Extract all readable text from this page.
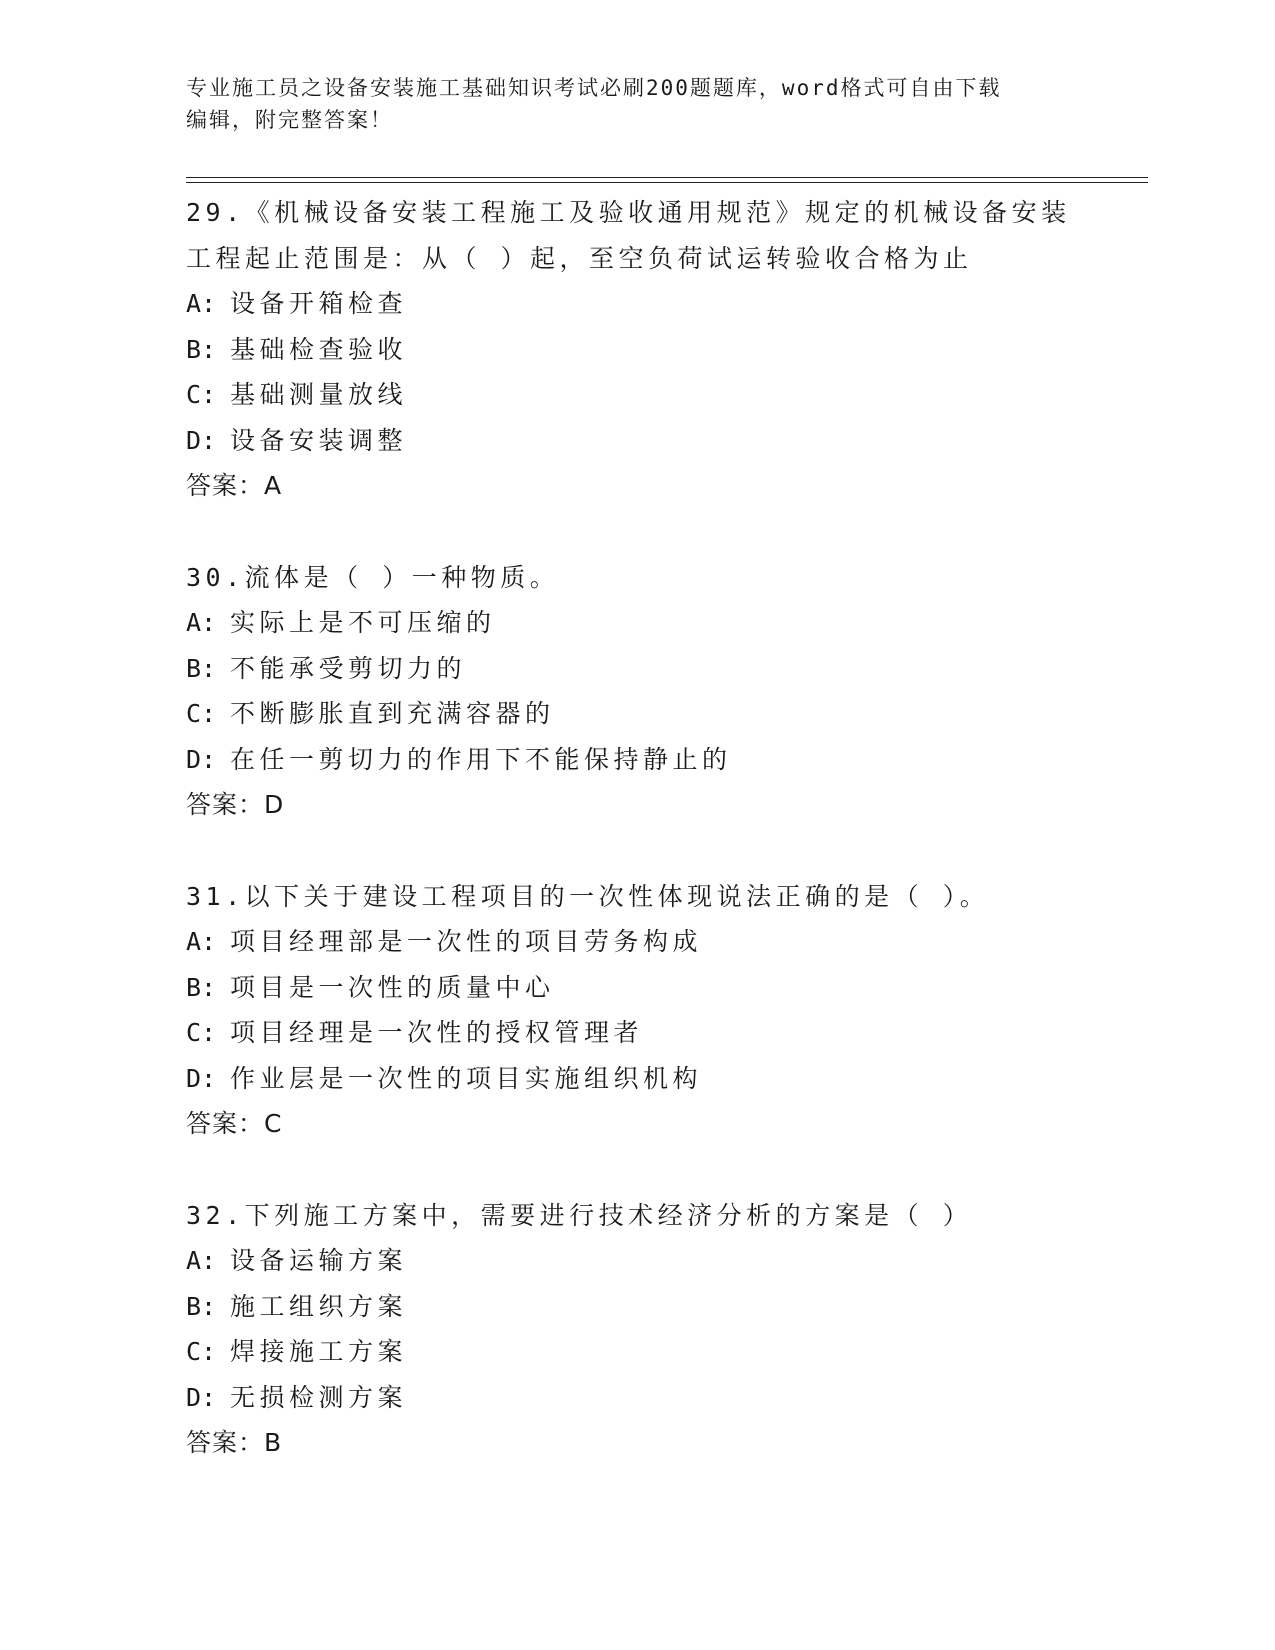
专业施工员之设备安装施工基础知识考试必刷200题题库，word格式可自由下载
编辑，附完整答案！
29.《机械设备安装工程施工及验收通用规范》规定的机械设备安装工程起止范围是：从（ ）起，至空负荷试运转验收合格为止
A: 设备开箱检查
B: 基础检查验收
C: 基础测量放线
D: 设备安装调整
答案：A
30.流体是（ ）一种物质。
A: 实际上是不可压缩的
B: 不能承受剪切力的
C: 不断膨胀直到充满容器的
D: 在任一剪切力的作用下不能保持静止的
答案：D
31.以下关于建设工程项目的一次性体现说法正确的是（ ）。
A: 项目经理部是一次性的项目劳务构成
B: 项目是一次性的质量中心
C: 项目经理是一次性的授权管理者
D: 作业层是一次性的项目实施组织机构
答案：C
32.下列施工方案中，需要进行技术经济分析的方案是（ ）
A: 设备运输方案
B: 施工组织方案
C: 焊接施工方案
D: 无损检测方案
答案：B
